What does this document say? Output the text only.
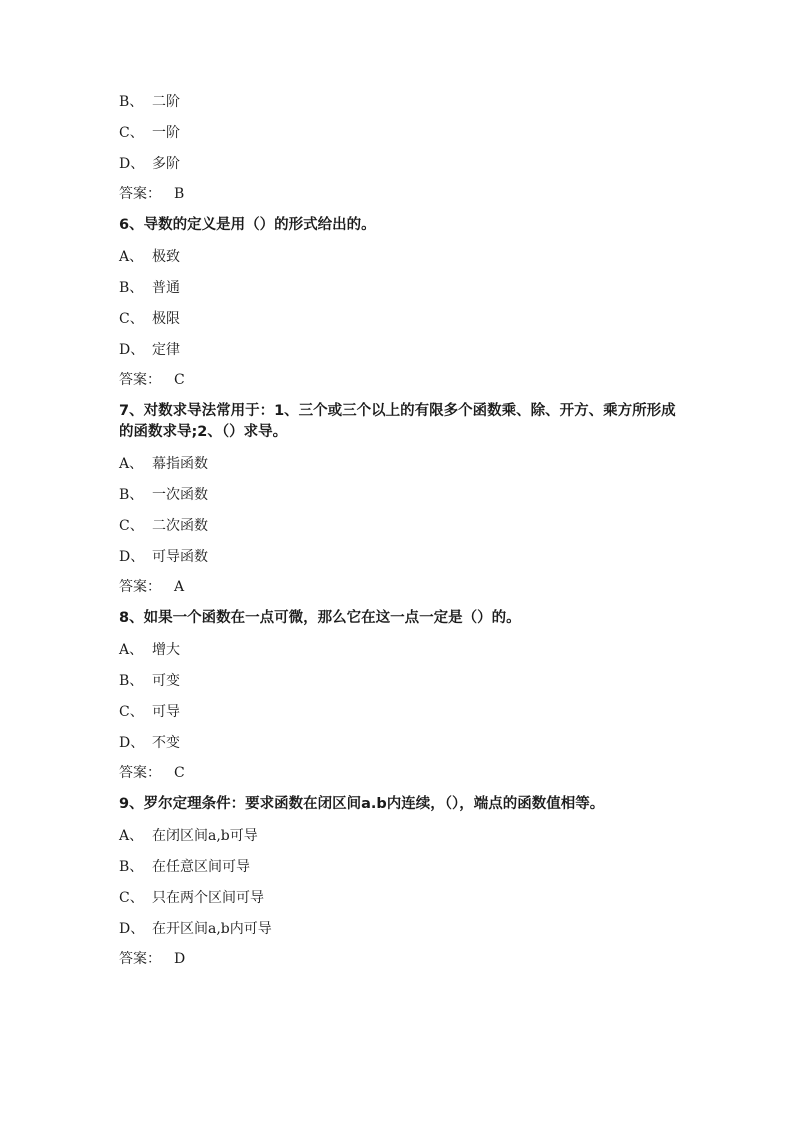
B、 二阶
C、 一阶
D、 多阶
答案： B
6、导数的定义是用（）的形式给出的。
A、 极致
B、 普通
C、 极限
D、 定律
答案： C
7、对数求导法常用于：1、三个或三个以上的有限多个函数乘、除、开方、乘方所形成的函数求导;2、（）求导。
A、 幕指函数
B、 一次函数
C、 二次函数
D、 可导函数
答案： A
8、如果一个函数在一点可微，那么它在这一点一定是（）的。
A、 增大
B、 可变
C、 可导
D、 不变
答案： C
9、罗尔定理条件：要求函数在闭区间a.b内连续，（），端点的函数值相等。
A、 在闭区间a,b可导
B、 在任意区间可导
C、 只在两个区间可导
D、 在开区间a,b内可导
答案： D
